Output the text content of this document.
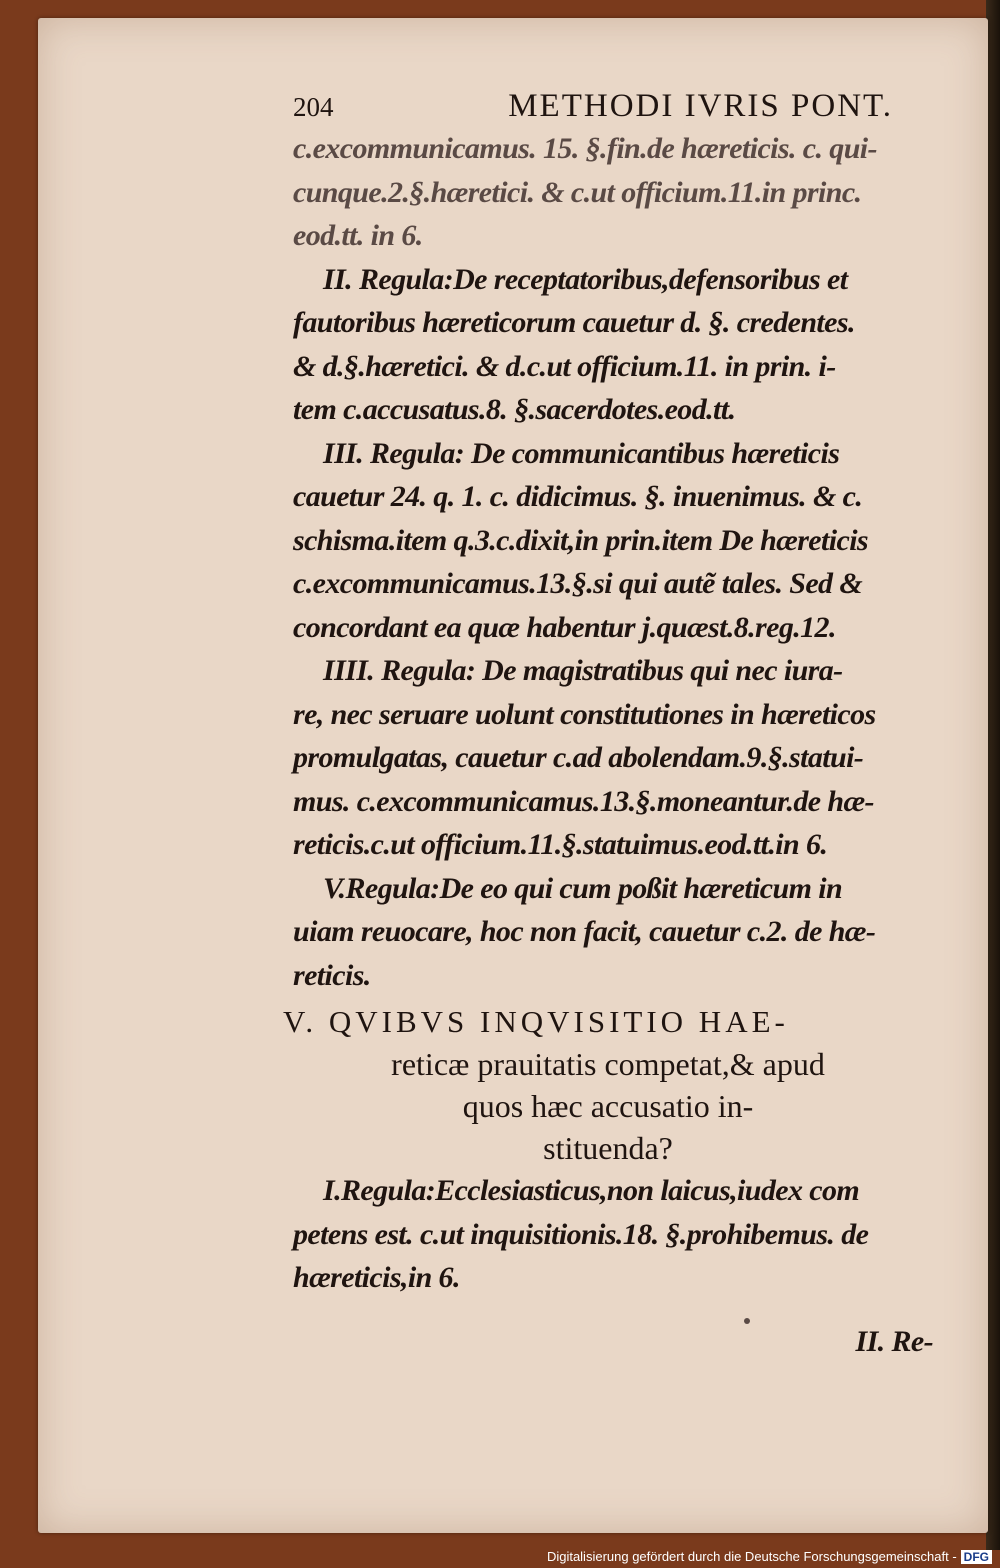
204	METHODI IVRIS PONT.
c.excommunicamus. 15. §.fin.de hæreticis. c. qui-
cunque.2.§.hæretici. & c.ut officium.11.in princ.
eod.tt. in 6.
II. Regula:De receptatoribus,defensoribus et
fautoribus hæreticorum cauetur d. §. credentes.
& d.§.hæretici. & d.c.ut officium.11. in prin. i-
tem c.accusatus.8. §.sacerdotes.eod.tt.
III. Regula: De communicantibus hæreticis
cauetur 24. q. 1. c. didicimus. §. inuenimus. & c.
schisma.item q.3.c.dixit,in prin.item De hæreticis
c.excommunicamus.13.§.si qui autẽ tales. Sed &
concordant ea quæ habentur j.quæst.8.reg.12.
IIII. Regula: De magistratibus qui nec iura-
re, nec seruare uolunt constitutiones in hæreticos
promulgatas, cauetur c.ad abolendam.9.§.statui-
mus. c.excommunicamus.13.§.moneantur.de hæ-
reticis.c.ut officium.11.§.statuimus.eod.tt.in 6.
V.Regula:De eo qui cum poßit hæreticum in
uiam reuocare, hoc non facit, cauetur c.2. de hæ-
reticis.
V. QVIBVS INQVISITIO HAE-
reticæ prauitatis competat,& apud
quos hæc accusatio in-
stituenda?
I.Regula:Ecclesiasticus,non laicus,iudex com
petens est. c.ut inquisitionis.18. §.prohibemus. de
hæreticis,in 6.
II. Re-
Digitalisierung gefördert durch die Deutsche Forschungsgemeinschaft - DFG
